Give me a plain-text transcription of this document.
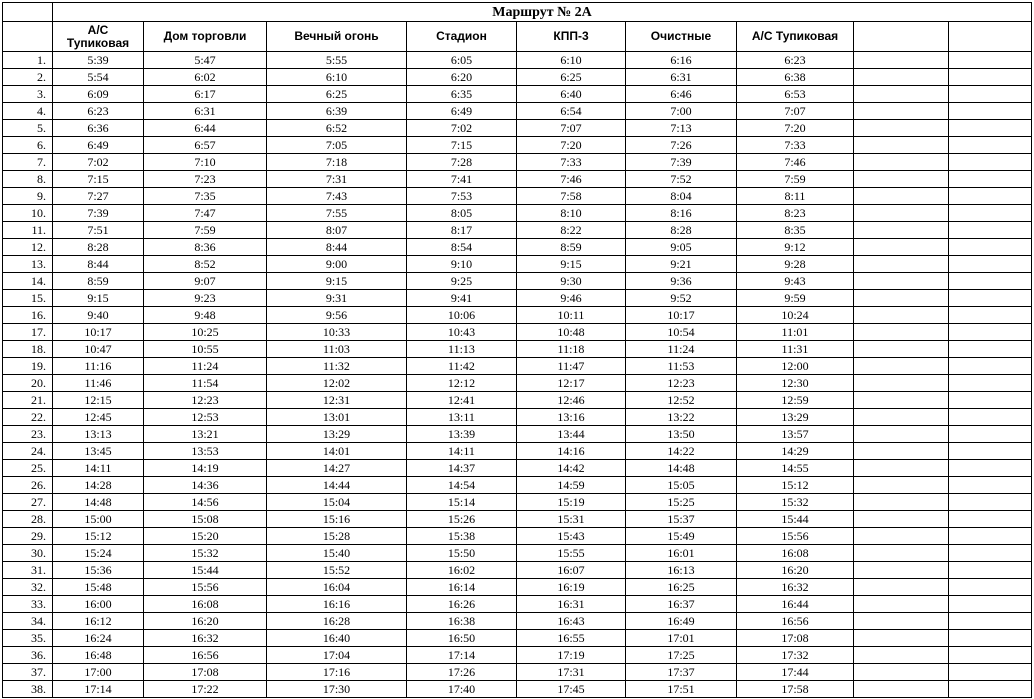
	Маршрут № 2А								
	А/С Тупиковая	Дом торговли	Вечный огонь	Стадион	КПП-3	Очистные	А/С Тупиковая		
1.	5:39	5:47	5:55	6:05	6:10	6:16	6:23		
2.	5:54	6:02	6:10	6:20	6:25	6:31	6:38		
3.	6:09	6:17	6:25	6:35	6:40	6:46	6:53		
4.	6:23	6:31	6:39	6:49	6:54	7:00	7:07		
5.	6:36	6:44	6:52	7:02	7:07	7:13	7:20		
6.	6:49	6:57	7:05	7:15	7:20	7:26	7:33		
7.	7:02	7:10	7:18	7:28	7:33	7:39	7:46		
8.	7:15	7:23	7:31	7:41	7:46	7:52	7:59		
9.	7:27	7:35	7:43	7:53	7:58	8:04	8:11		
10.	7:39	7:47	7:55	8:05	8:10	8:16	8:23		
11.	7:51	7:59	8:07	8:17	8:22	8:28	8:35		
12.	8:28	8:36	8:44	8:54	8:59	9:05	9:12		
13.	8:44	8:52	9:00	9:10	9:15	9:21	9:28		
14.	8:59	9:07	9:15	9:25	9:30	9:36	9:43		
15.	9:15	9:23	9:31	9:41	9:46	9:52	9:59		
16.	9:40	9:48	9:56	10:06	10:11	10:17	10:24		
17.	10:17	10:25	10:33	10:43	10:48	10:54	11:01		
18.	10:47	10:55	11:03	11:13	11:18	11:24	11:31		
19.	11:16	11:24	11:32	11:42	11:47	11:53	12:00		
20.	11:46	11:54	12:02	12:12	12:17	12:23	12:30		
21.	12:15	12:23	12:31	12:41	12:46	12:52	12:59		
22.	12:45	12:53	13:01	13:11	13:16	13:22	13:29		
23.	13:13	13:21	13:29	13:39	13:44	13:50	13:57		
24.	13:45	13:53	14:01	14:11	14:16	14:22	14:29		
25.	14:11	14:19	14:27	14:37	14:42	14:48	14:55		
26.	14:28	14:36	14:44	14:54	14:59	15:05	15:12		
27.	14:48	14:56	15:04	15:14	15:19	15:25	15:32		
28.	15:00	15:08	15:16	15:26	15:31	15:37	15:44		
29.	15:12	15:20	15:28	15:38	15:43	15:49	15:56		
30.	15:24	15:32	15:40	15:50	15:55	16:01	16:08		
31.	15:36	15:44	15:52	16:02	16:07	16:13	16:20		
32.	15:48	15:56	16:04	16:14	16:19	16:25	16:32		
33.	16:00	16:08	16:16	16:26	16:31	16:37	16:44		
34.	16:12	16:20	16:28	16:38	16:43	16:49	16:56		
35.	16:24	16:32	16:40	16:50	16:55	17:01	17:08		
36.	16:48	16:56	17:04	17:14	17:19	17:25	17:32		
37.	17:00	17:08	17:16	17:26	17:31	17:37	17:44		
38.	17:14	17:22	17:30	17:40	17:45	17:51	17:58		
